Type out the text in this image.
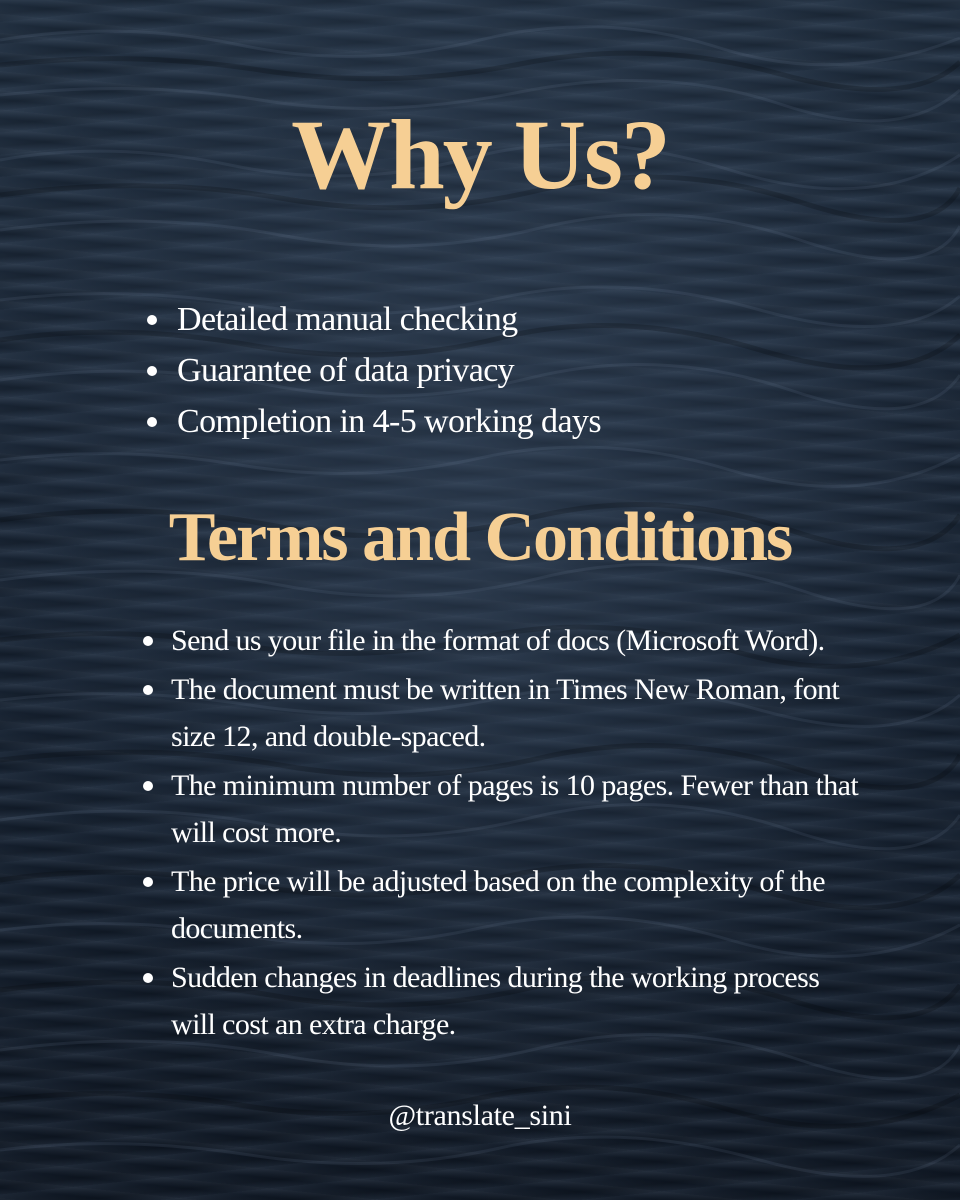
Why Us?
Detailed manual checking
Guarantee of data privacy
Completion in 4-5 working days
Terms and Conditions
Send us your file in the format of docs (Microsoft Word).
The document must be written in Times New Roman, font size 12, and double-spaced.
The minimum number of pages is 10 pages. Fewer than that will cost more.
The price will be adjusted based on the complexity of the documents.
Sudden changes in deadlines during the working process will cost an extra charge.
@translate_sini
